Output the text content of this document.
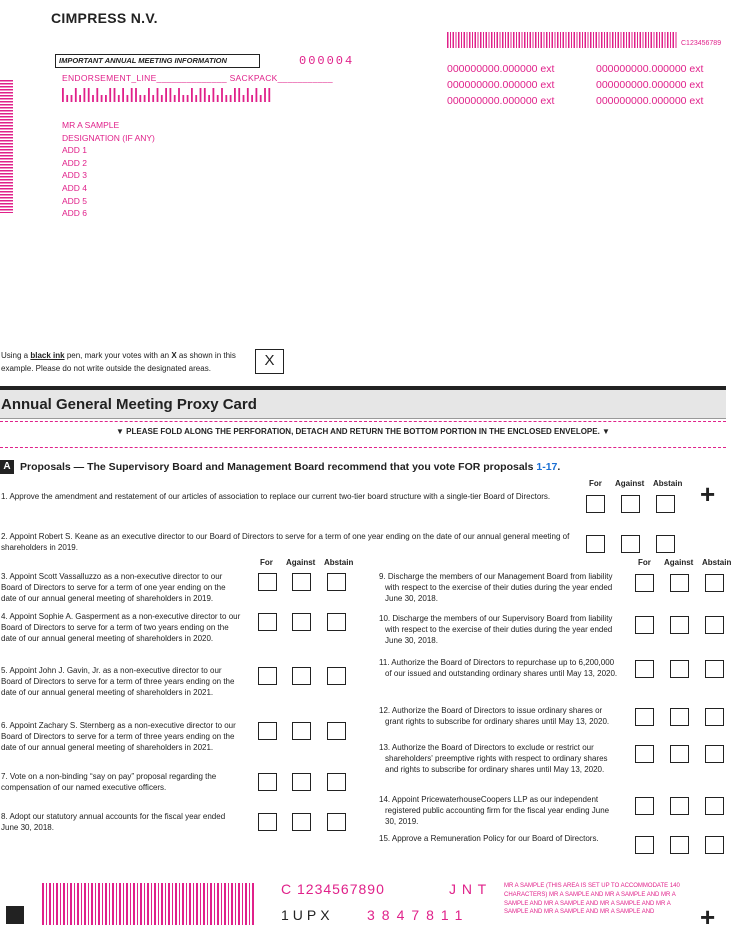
CIMPRESS N.V.
IMPORTANT ANNUAL MEETING INFORMATION	000004
ENDORSEMENT_LINE______________ SACKPACK___________
C123456789
000000000.000000 ext	000000000.000000 ext
000000000.000000 ext	000000000.000000 ext
000000000.000000 ext	000000000.000000 ext
MR A SAMPLE
DESIGNATION (IF ANY)
ADD 1
ADD 2
ADD 3
ADD 4
ADD 5
ADD 6
Using a black ink pen, mark your votes with an X as shown in this example. Please do not write outside the designated areas.	X
Annual General Meeting Proxy Card
▼ PLEASE FOLD ALONG THE PERFORATION, DETACH AND RETURN THE BOTTOM PORTION IN THE ENCLOSED ENVELOPE. ▼
A Proposals — The Supervisory Board and Management Board recommend that you vote FOR proposals 1-17.
For Against Abstain
1. Approve the amendment and restatement of our articles of association to replace our current two-tier board structure with a single-tier Board of Directors.
2. Appoint Robert S. Keane as an executive director to our Board of Directors to serve for a term of one year ending on the date of our annual general meeting of shareholders in 2019.
For Against Abstain
3. Appoint Scott Vassalluzzo as a non-executive director to our Board of Directors to serve for a term of one year ending on the date of our annual general meeting of shareholders in 2019.
4. Appoint Sophie A. Gasperment as a non-executive director to our Board of Directors to serve for a term of two years ending on the date of our annual general meeting of shareholders in 2020.
5. Appoint John J. Gavin, Jr. as a non-executive director to our Board of Directors to serve for a term of three years ending on the date of our annual general meeting of shareholders in 2021.
6. Appoint Zachary S. Sternberg as a non-executive director to our Board of Directors to serve for a term of three years ending on the date of our annual general meeting of shareholders in 2021.
7. Vote on a non-binding “say on pay” proposal regarding the compensation of our named executive officers.
8. Adopt our statutory annual accounts for the fiscal year ended June 30, 2018.
For Against Abstain
9. Discharge the members of our Management Board from liability with respect to the exercise of their duties during the year ended June 30, 2018.
10. Discharge the members of our Supervisory Board from liability with respect to the exercise of their duties during the year ended June 30, 2018.
11. Authorize the Board of Directors to repurchase up to 6,200,000 of our issued and outstanding ordinary shares until May 13, 2020.
12. Authorize the Board of Directors to issue ordinary shares or grant rights to subscribe for ordinary shares until May 13, 2020.
13. Authorize the Board of Directors to exclude or restrict our shareholders' preemptive rights with respect to ordinary shares and rights to subscribe for ordinary shares until May 13, 2020.
14. Appoint PricewaterhouseCoopers LLP as our independent registered public accounting firm for the fiscal year ending June 30, 2019.
15. Approve a Remuneration Policy for our Board of Directors.
+
C 1234567890	J N T
1UPX 3847811
MR A SAMPLE (THIS AREA IS SET UP TO ACCOMMODATE 140 CHARACTERS) MR A SAMPLE AND MR A SAMPLE AND MR A SAMPLE AND MR A SAMPLE AND MR A SAMPLE AND MR A SAMPLE AND MR A SAMPLE AND MR A SAMPLE AND	+
